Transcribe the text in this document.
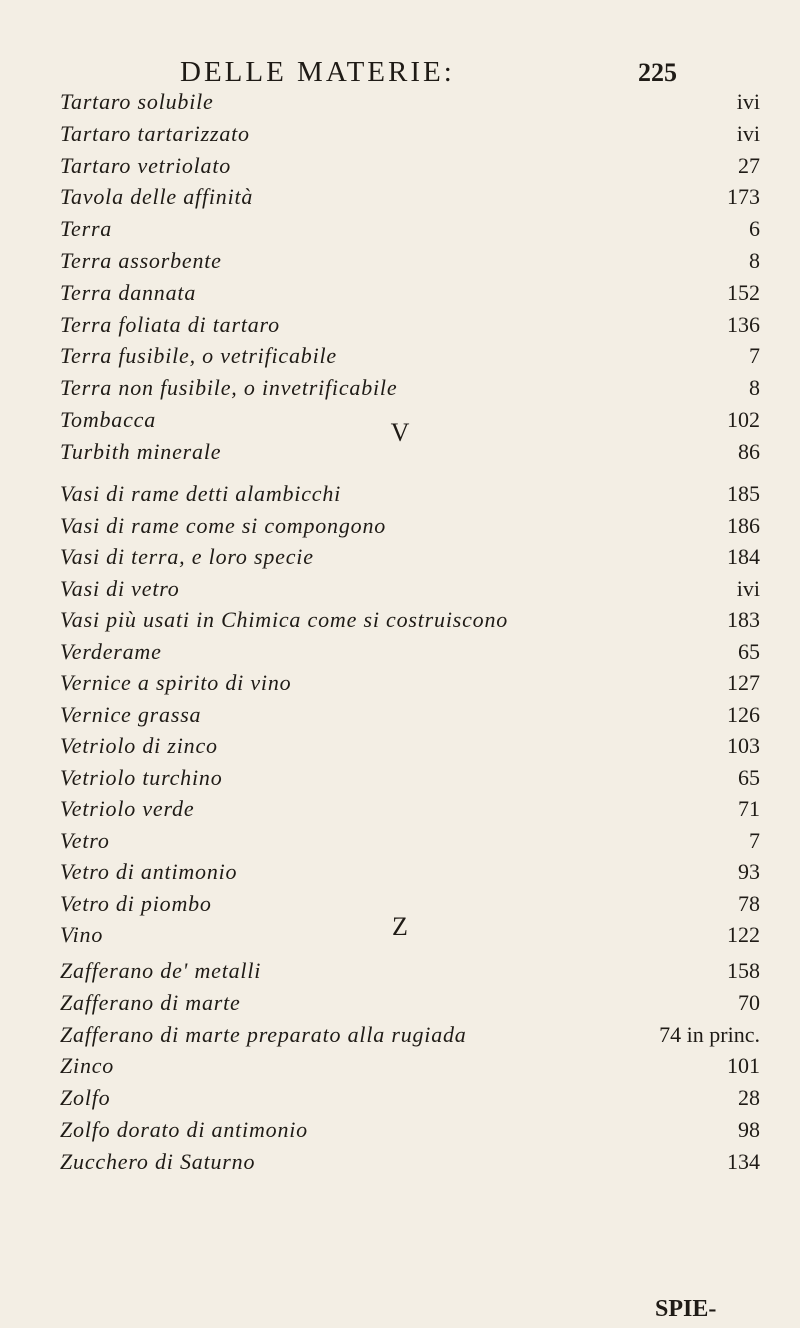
DELLE MATERIE:	225
Tartaro solubile	ivi
Tartaro tartarizzato	ivi
Tartaro vetriolato	27
Tavola delle affinità	173
Terra	6
Terra assorbente	8
Terra dannata	152
Terra foliata di tartaro	136
Terra fusibile, o vetrificabile	7
Terra non fusibile, o invetrificabile	8
Tombacca	102
Turbith minerale	86
V
Vasi di rame detti alambicchi	185
Vasi di rame come si compongono	186
Vasi di terra, e loro specie	184
Vasi di vetro	ivi
Vasi più usati in Chimica come si costruiscono	183
Verderame	65
Vernice a spirito di vino	127
Vernice grassa	126
Vetriolo di zinco	103
Vetriolo turchino	65
Vetriolo verde	71
Vetro	7
Vetro di antimonio	93
Vetro di piombo	78
Vino	122
Z
Zafferano de' metalli	158
Zafferano di marte	70
Zafferano di marte preparato alla rugiada	74 in princ.
Zinco	101
Zolfo	28
Zolfo dorato di antimonio	98
Zucchero di Saturno	134
SPIE-
